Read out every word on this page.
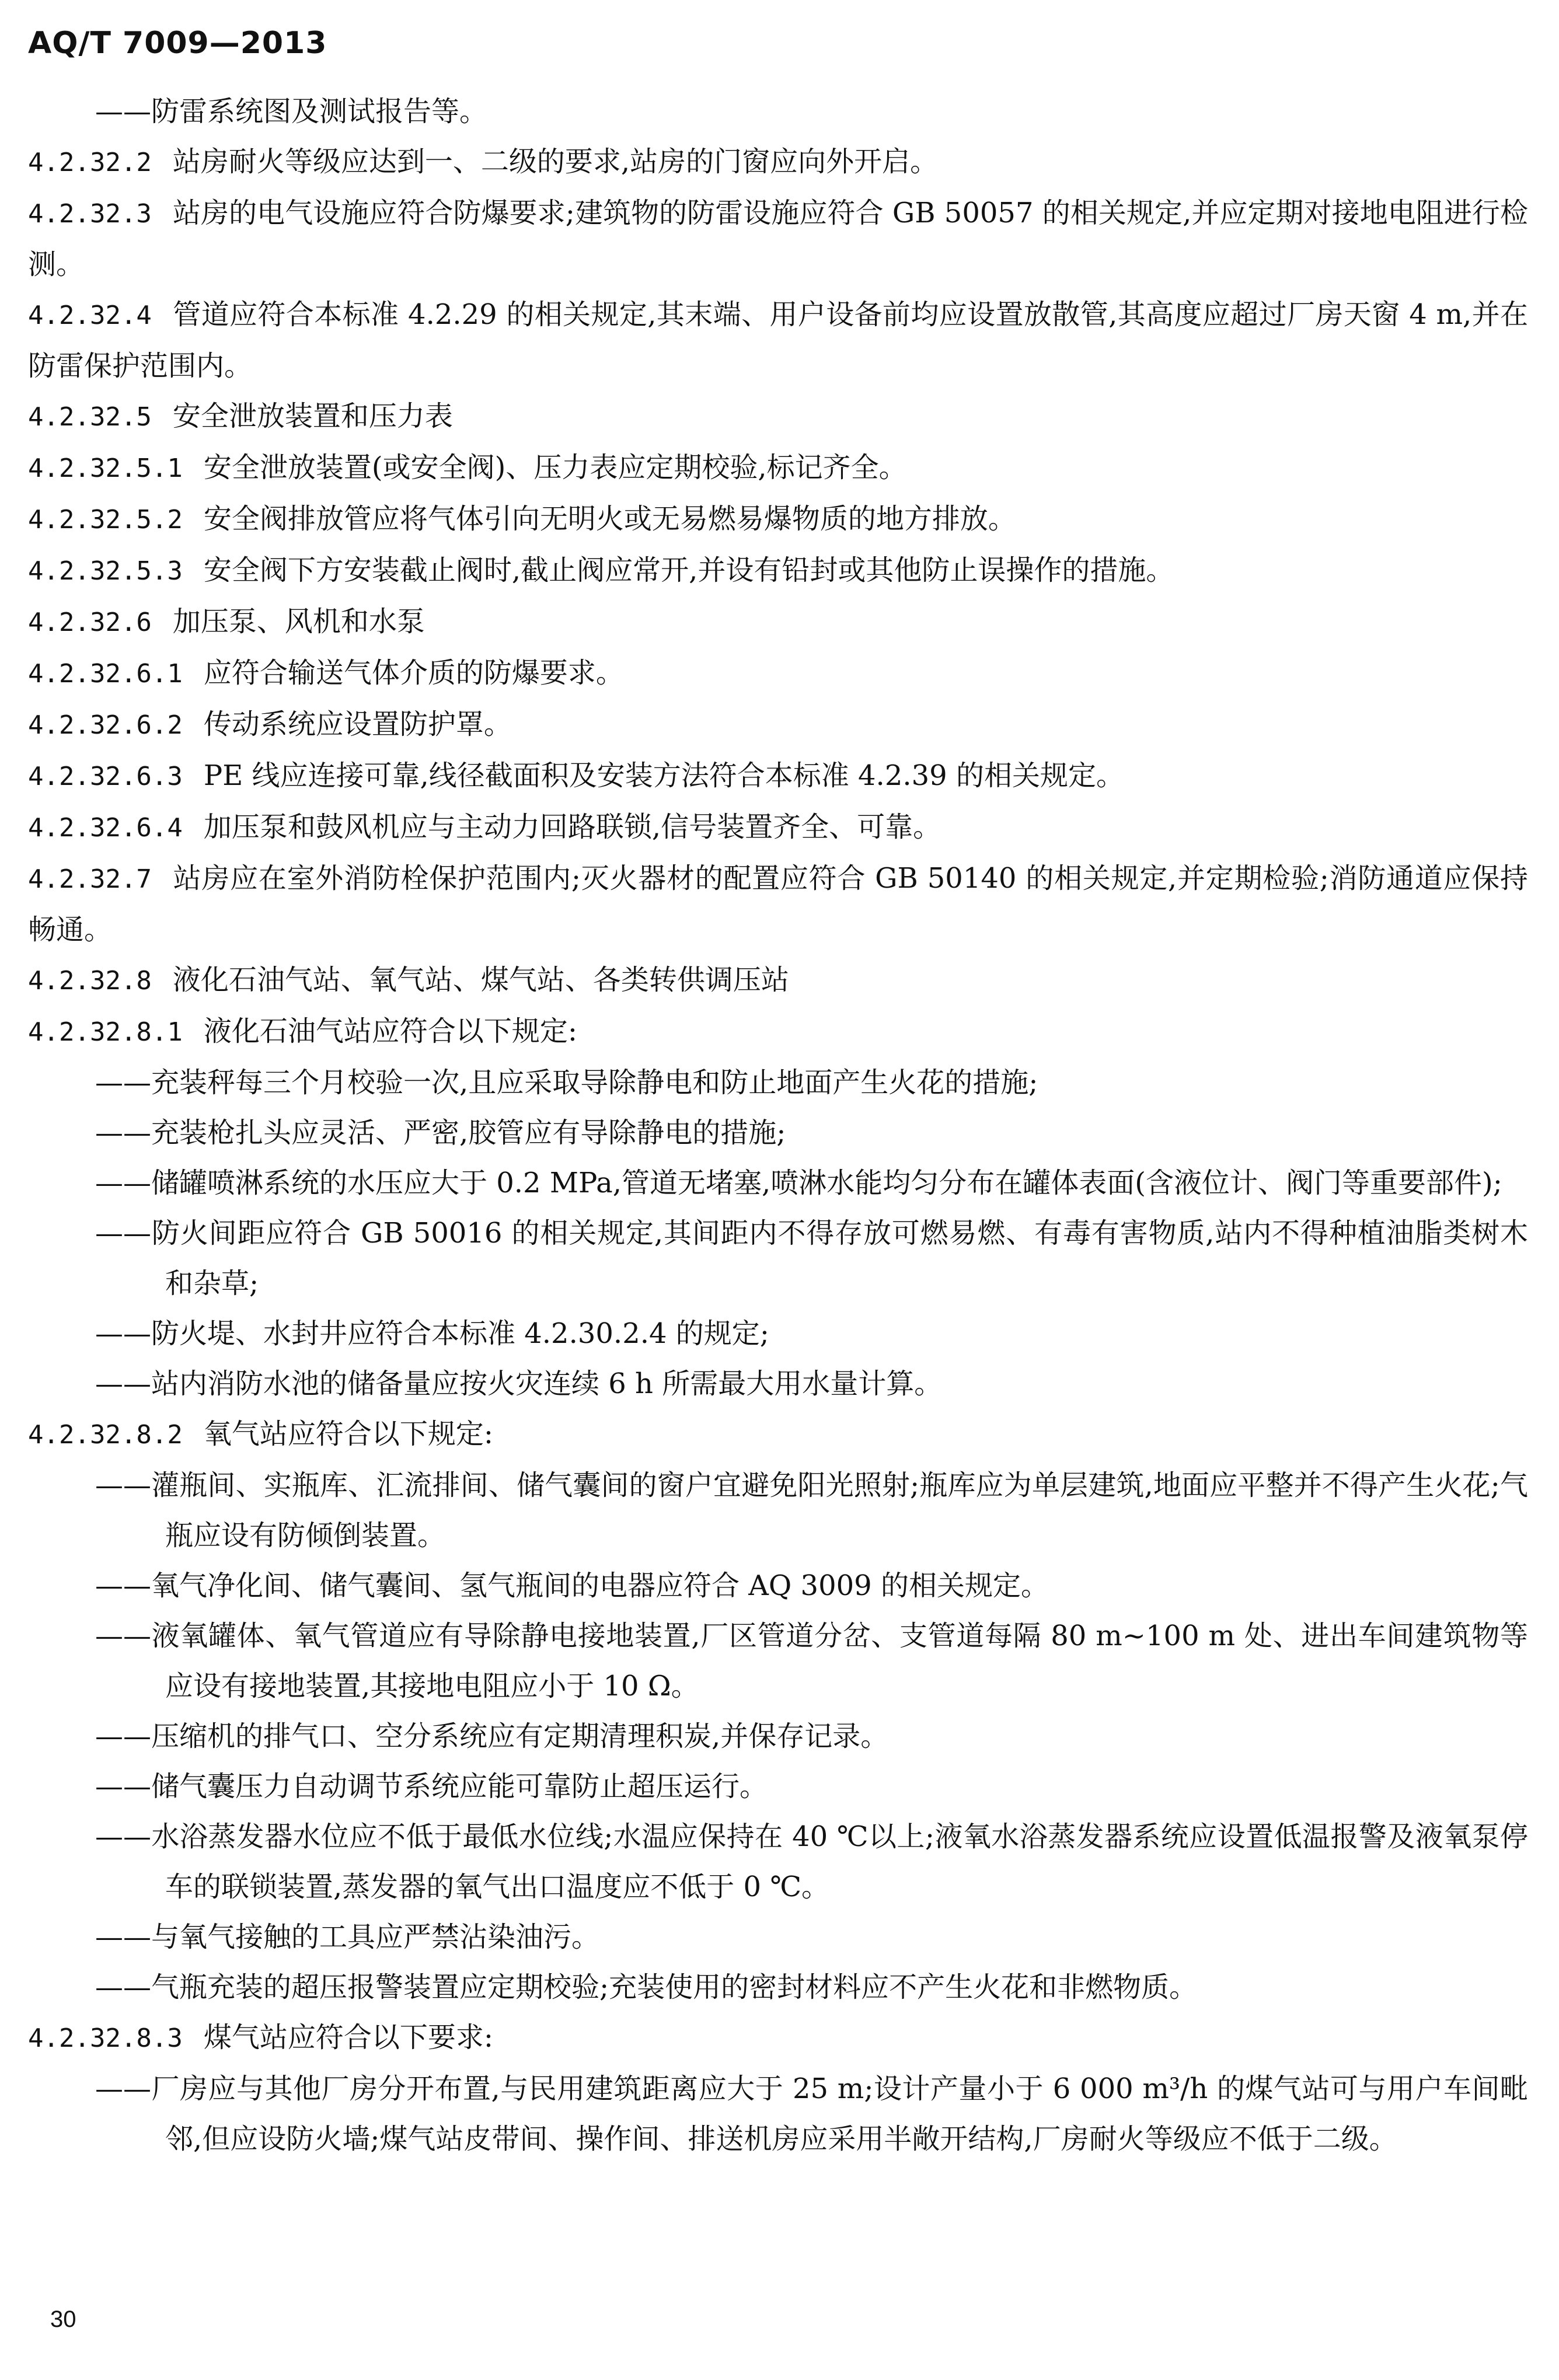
AQ/T 7009—2013

——防雷系统图及测试报告等。

4.2.32.2 站房耐火等级应达到一、二级的要求,站房的门窗应向外开启。

4.2.32.3 站房的电气设施应符合防爆要求;建筑物的防雷设施应符合 GB 50057 的相关规定,并应定期对接地电阻进行检测。

4.2.32.4 管道应符合本标准 4.2.29 的相关规定,其末端、用户设备前均应设置放散管,其高度应超过厂房天窗 4 m,并在防雷保护范围内。

4.2.32.5 安全泄放装置和压力表

4.2.32.5.1 安全泄放装置(或安全阀)、压力表应定期校验,标记齐全。

4.2.32.5.2 安全阀排放管应将气体引向无明火或无易燃易爆物质的地方排放。

4.2.32.5.3 安全阀下方安装截止阀时,截止阀应常开,并设有铅封或其他防止误操作的措施。

4.2.32.6 加压泵、风机和水泵

4.2.32.6.1 应符合输送气体介质的防爆要求。

4.2.32.6.2 传动系统应设置防护罩。

4.2.32.6.3 PE 线应连接可靠,线径截面积及安装方法符合本标准 4.2.39 的相关规定。

4.2.32.6.4 加压泵和鼓风机应与主动力回路联锁,信号装置齐全、可靠。

4.2.32.7 站房应在室外消防栓保护范围内;灭火器材的配置应符合 GB 50140 的相关规定,并定期检验;消防通道应保持畅通。

4.2.32.8 液化石油气站、氧气站、煤气站、各类转供调压站

4.2.32.8.1 液化石油气站应符合以下规定:

——充装秤每三个月校验一次,且应采取导除静电和防止地面产生火花的措施;

——充装枪扎头应灵活、严密,胶管应有导除静电的措施;

——储罐喷淋系统的水压应大于 0.2 MPa,管道无堵塞,喷淋水能均匀分布在罐体表面(含液位计、阀门等重要部件);

——防火间距应符合 GB 50016 的相关规定,其间距内不得存放可燃易燃、有毒有害物质,站内不得种植油脂类树木和杂草;

——防火堤、水封井应符合本标准 4.2.30.2.4 的规定;

——站内消防水池的储备量应按火灾连续 6 h 所需最大用水量计算。

4.2.32.8.2 氧气站应符合以下规定:

——灌瓶间、实瓶库、汇流排间、储气囊间的窗户宜避免阳光照射;瓶库应为单层建筑,地面应平整并不得产生火花;气瓶应设有防倾倒装置。

——氧气净化间、储气囊间、氢气瓶间的电器应符合 AQ 3009 的相关规定。

——液氧罐体、氧气管道应有导除静电接地装置,厂区管道分岔、支管道每隔 80 m~100 m 处、进出车间建筑物等应设有接地装置,其接地电阻应小于 10 Ω。

——压缩机的排气口、空分系统应有定期清理积炭,并保存记录。

——储气囊压力自动调节系统应能可靠防止超压运行。

——水浴蒸发器水位应不低于最低水位线;水温应保持在 40 ℃以上;液氧水浴蒸发器系统应设置低温报警及液氧泵停车的联锁装置,蒸发器的氧气出口温度应不低于 0 ℃。

——与氧气接触的工具应严禁沾染油污。

——气瓶充装的超压报警装置应定期校验;充装使用的密封材料应不产生火花和非燃物质。

4.2.32.8.3 煤气站应符合以下要求:

——厂房应与其他厂房分开布置,与民用建筑距离应大于 25 m;设计产量小于 6 000 m³/h 的煤气站可与用户车间毗邻,但应设防火墙;煤气站皮带间、操作间、排送机房应采用半敞开结构,厂房耐火等级应不低于二级。

30
